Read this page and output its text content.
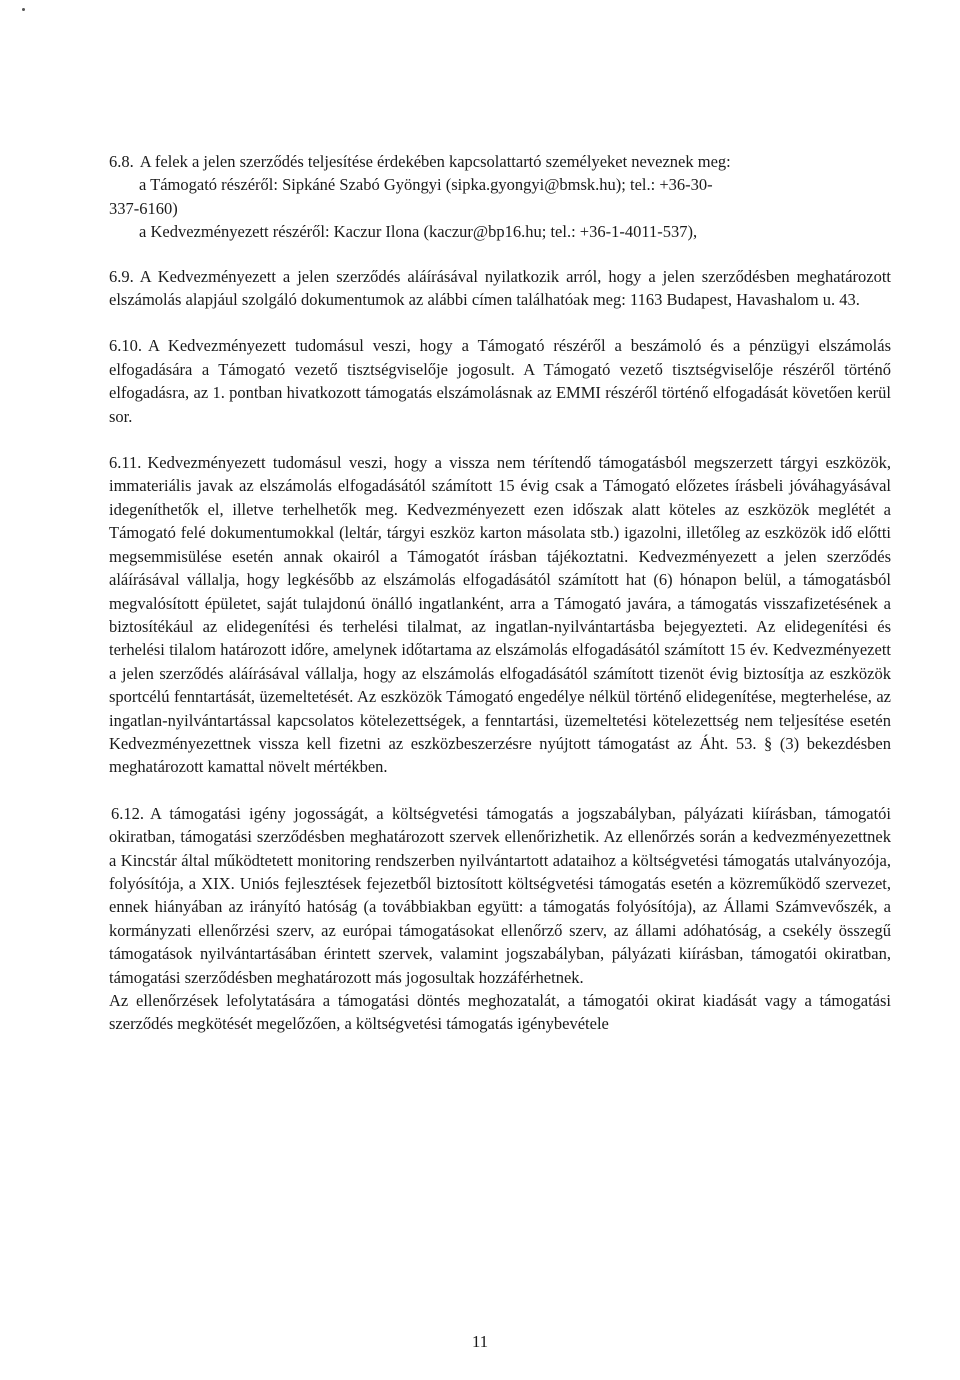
6.8. A felek a jelen szerződés teljesítése érdekében kapcsolattartó személyeket neveznek meg:
a Támogató részéről: Sipkáné Szabó Gyöngyi (sipka.gyongyi@bmsk.hu); tel.: +36-30-
337-6160)
a Kedvezményezett részéről: Kaczur Ilona (kaczur@bp16.hu; tel.: +36-1-4011-537),

6.9. A Kedvezményezett a jelen szerződés aláírásával nyilatkozik arról, hogy a jelen szerződésben meghatározott elszámolás alapjául szolgáló dokumentumok az alábbi címen találhatóak meg: 1163 Budapest, Havashalom u. 43.

6.10. A Kedvezményezett tudomásul veszi, hogy a Támogató részéről a beszámoló és a pénzügyi elszámolás elfogadására a Támogató vezető tisztségviselője jogosult. A Támogató vezető tisztségviselője részéről történő elfogadásra, az 1. pontban hivatkozott támogatás elszámolásnak az EMMI részéről történő elfogadását követően kerül sor.

6.11. Kedvezményezett tudomásul veszi, hogy a vissza nem térítendő támogatásból megszerzett tárgyi eszközök, immateriális javak az elszámolás elfogadásától számított 15 évig csak a Támogató előzetes írásbeli jóváhagyásával idegeníthetők el, illetve terhelhetők meg. Kedvezményezett ezen időszak alatt köteles az eszközök meglétét a Támogató felé dokumentumokkal (leltár, tárgyi eszköz karton másolata stb.) igazolni, illetőleg az eszközök idő előtti megsemmisülése esetén annak okairól a Támogatót írásban tájékoztatni. Kedvezményezett a jelen szerződés aláírásával vállalja, hogy legkésőbb az elszámolás elfogadásától számított hat (6) hónapon belül, a támogatásból megvalósított épületet, saját tulajdonú önálló ingatlanként, arra a Támogató javára, a támogatás visszafizetésének a biztosítékául az elidegenítési és terhelési tilalmat, az ingatlan-nyilvántartásba bejegyezteti. Az elidegenítési és terhelési tilalom határozott időre, amelynek időtartama az elszámolás elfogadásától számított 15 év. Kedvezményezett a jelen szerződés aláírásával vállalja, hogy az elszámolás elfogadásától számított tizenöt évig biztosítja az eszközök sportcélú fenntartását, üzemeltetését. Az eszközök Támogató engedélye nélkül történő elidegenítése, megterhelése, az ingatlan-nyilvántartással kapcsolatos kötelezettségek, a fenntartási, üzemeltetési kötelezettség nem teljesítése esetén Kedvezményezettnek vissza kell fizetni az eszközbeszerzésre nyújtott támogatást az Áht. 53. § (3) bekezdésben meghatározott kamattal növelt mértékben.

6.12. A támogatási igény jogosságát, a költségvetési támogatás a jogszabályban, pályázati kiírásban, támogatói okiratban, támogatási szerződésben meghatározott szervek ellenőrizhetik. Az ellenőrzés során a kedvezményezettnek a Kincstár által működtetett monitoring rendszerben nyilvántartott adataihoz a költségvetési támogatás utalványozója, folyósítója, a XIX. Uniós fejlesztések fejezetből biztosított költségvetési támogatás esetén a közreműködő szervezet, ennek hiányában az irányító hatóság (a továbbiakban együtt: a támogatás folyósítója), az Állami Számvevőszék, a kormányzati ellenőrzési szerv, az európai támogatásokat ellenőrző szerv, az állami adóhatóság, a csekély összegű támogatások nyilvántartásában érintett szervek, valamint jogszabályban, pályázati kiírásban, támogatói okiratban, támogatási szerződésben meghatározott más jogosultak hozzáférhetnek.

Az ellenőrzések lefolytatására a támogatási döntés meghozatalát, a támogatói okirat kiadását vagy a támogatási szerződés megkötését megelőzően, a költségvetési támogatás igénybevétele

11
